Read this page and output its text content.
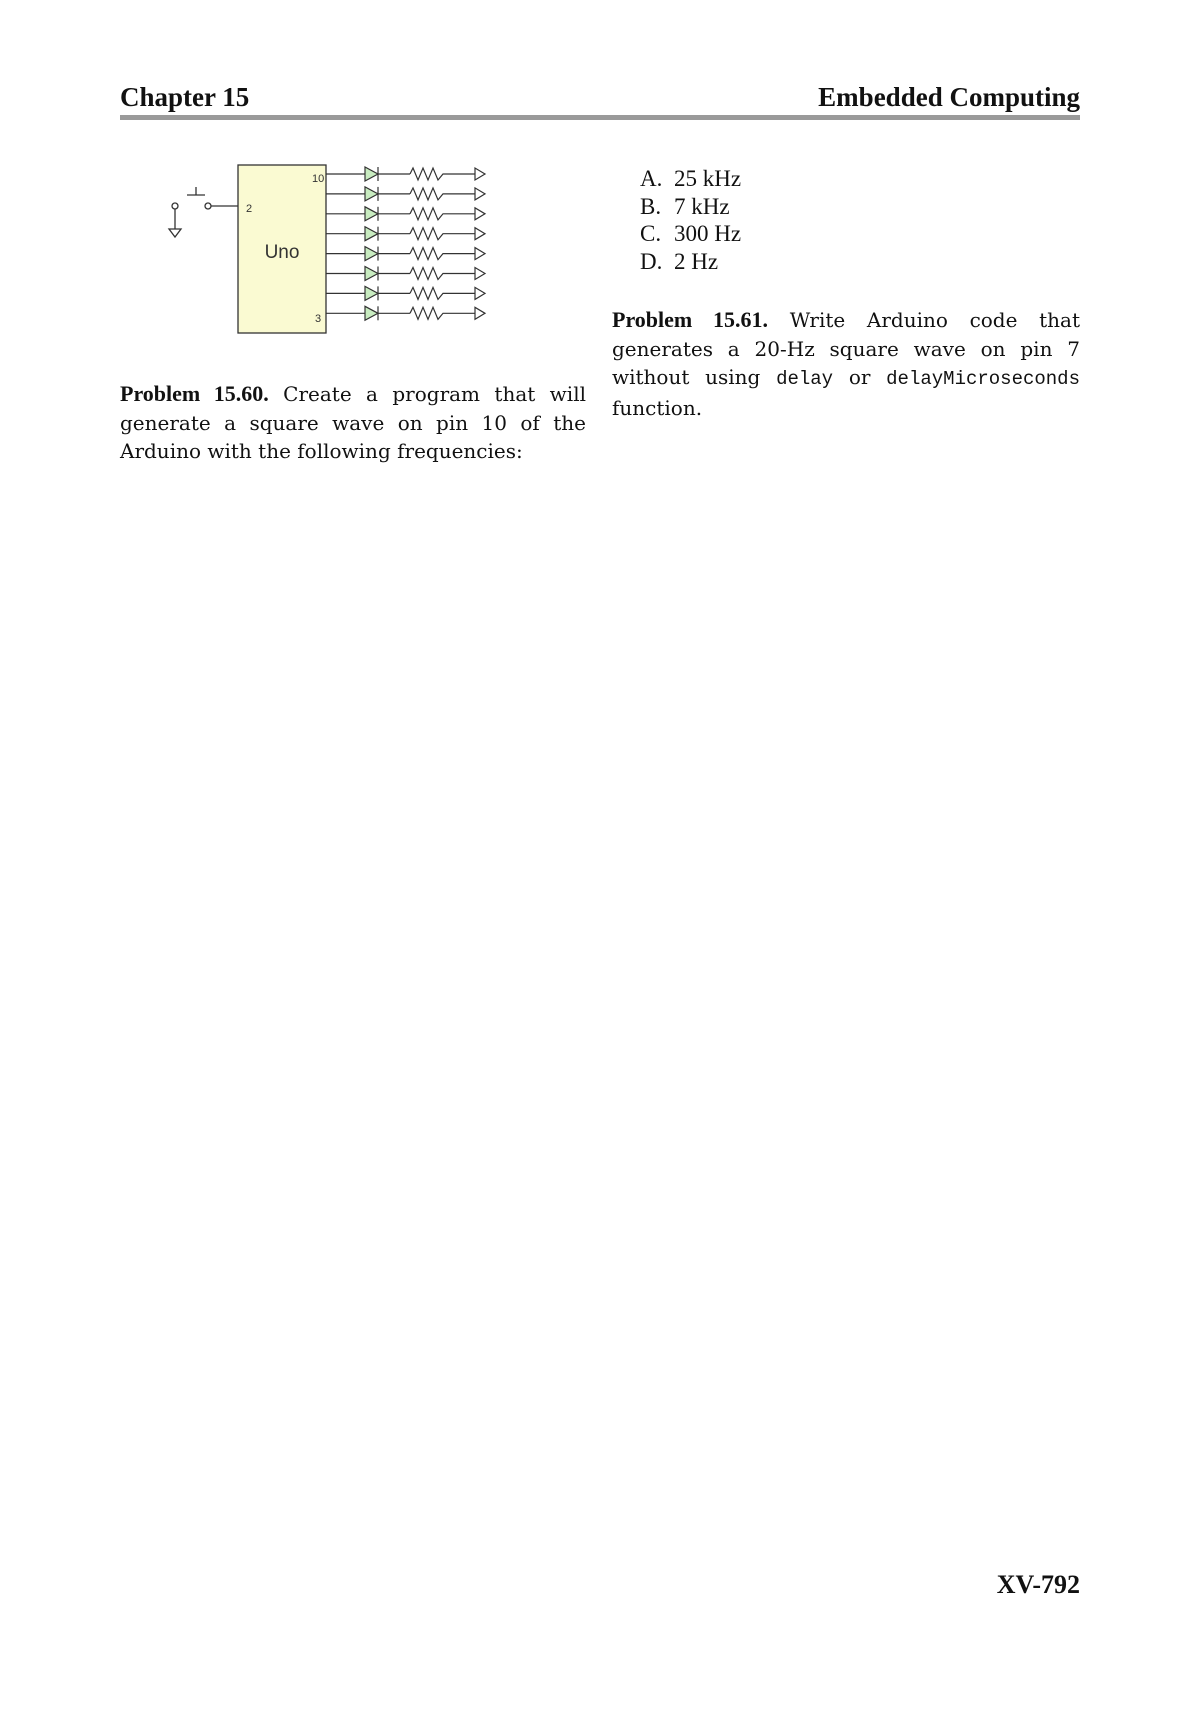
Chapter 15	Embedded Computing
Uno
10
2
3

Problem 15.60. Create a program that will generate a square wave on pin 10 of the Arduino with the following frequencies:

A. 25 kHz
B. 7 kHz
C. 300 Hz
D. 2 Hz

Problem 15.61. Write Arduino code that generates a 20-Hz square wave on pin 7 without using delay or delayMicroseconds function.

XV-792
